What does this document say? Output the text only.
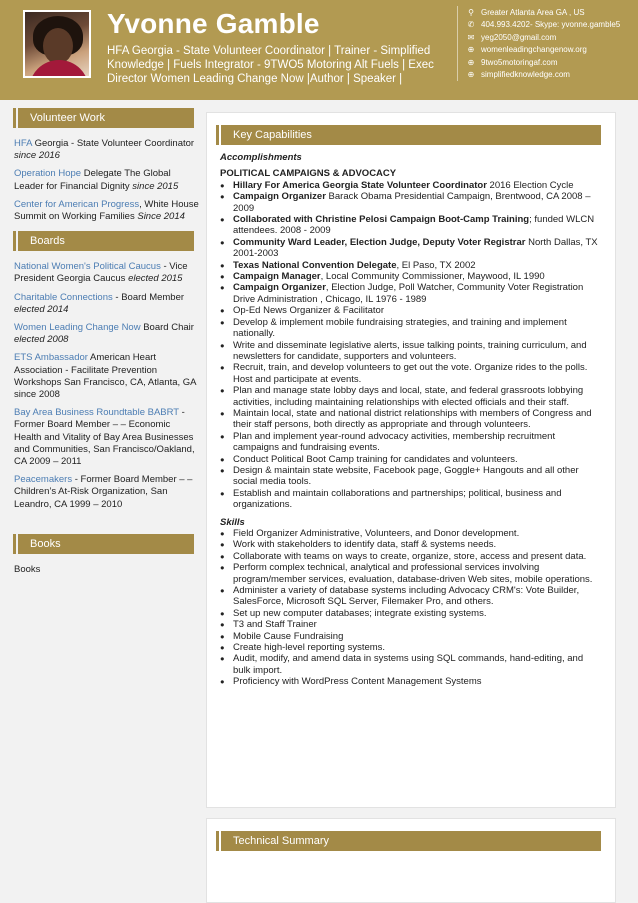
Yvonne Gamble
HFA Georgia - State Volunteer Coordinator | Trainer - Simplified Knowledge | Fuels Integrator - 9TWO5 Motoring Alt Fuels | Exec Director Women Leading Change Now |Author | Speaker |
⚲ Greater Atlanta Area GA , US
✆ 404.993.4202- Skype: yvonne.gamble5
✉ yeg2050@gmail.com
⊕ womenleadingchangenow.org
⊕ 9two5motoringaf.com
⊕ simplifiedknowledge.com
Volunteer Work
HFA Georgia - State Volunteer Coordinator since 2016
Operation Hope Delegate The Global Leader for Financial Dignity since 2015
Center for American Progress, White House Summit on Working Families Since 2014
Boards
National Women's Political Caucus - Vice President Georgia Caucus elected 2015
Charitable Connections - Board Member elected 2014
Women Leading Change Now Board Chair elected 2008
ETS Ambassador American Heart Association - Facilitate Prevention Workshops San Francisco, CA, Atlanta, GA since 2008
Bay Area Business Roundtable BABRT - Former Board Member – – Economic Health and Vitality of Bay Area Businesses and Communities, San Francisco/Oakland, CA 2009 – 2011
Peacemakers - Former Board Member – – Children’s At-Risk Organization, San Leandro, CA 1999 – 2010
Books
Books
Key Capabilities
Accomplishments
POLITICAL CAMPAIGNS & ADVOCACY
● Hillary For America Georgia State Volunteer Coordinator 2016 Election Cycle
● Campaign Organizer Barack Obama Presidential Campaign, Brentwood, CA 2008 – 2009
● Collaborated with Christine Pelosi Campaign Boot-Camp Training; funded WLCN attendees. 2008 - 2009
● Community Ward Leader, Election Judge, Deputy Voter Registrar North Dallas, TX 2001-2003
● Texas National Convention Delegate, El Paso, TX 2002
● Campaign Manager, Local Community Commissioner, Maywood, IL 1990
● Campaign Organizer, Election Judge, Poll Watcher, Community Voter Registration Drive Administration , Chicago, IL 1976 - 1989
● Op-Ed News Organizer & Facilitator
● Develop & implement mobile fundraising strategies, and training and implement nationally.
● Write and disseminate legislative alerts, issue talking points, training curriculum, and newsletters for candidate, supporters and volunteers.
● Recruit, train, and develop volunteers to get out the vote. Organize rides to the polls. Host and participate at events.
● Plan and manage state lobby days and local, state, and federal grassroots lobbying activities, including maintaining relationships with elected officials and their staff.
● Maintain local, state and national district relationships with members of Congress and their staff persons, both directly as appropriate and through volunteers.
● Plan and implement year-round advocacy activities, membership recruitment campaigns and fundraising events.
● Conduct Political Boot Camp training for candidates and volunteers.
● Design & maintain state website, Facebook page, Goggle+ Hangouts and all other social media tools.
● Establish and maintain collaborations and partnerships; political, business and organizations.
Skills
● Field Organizer Administrative, Volunteers, and Donor development.
● Work with stakeholders to identify data, staff & systems needs.
● Collaborate with teams on ways to create, organize, store, access and present data.
● Perform complex technical, analytical and professional services involving program/member services, evaluation, database-driven Web sites, mobile operations.
● Administer a variety of database systems including Advocacy CRM's: Vote Builder, SalesForce, Microsoft SQL Server, Filemaker Pro, and others.
● Set up new computer databases; integrate existing systems.
● T3 and Staff Trainer
● Mobile Cause Fundraising
● Create high-level reporting systems.
● Audit, modify, and amend data in systems using SQL commands, hand-editing, and bulk import.
● Proficiency with WordPress Content Management Systems
Technical Summary
